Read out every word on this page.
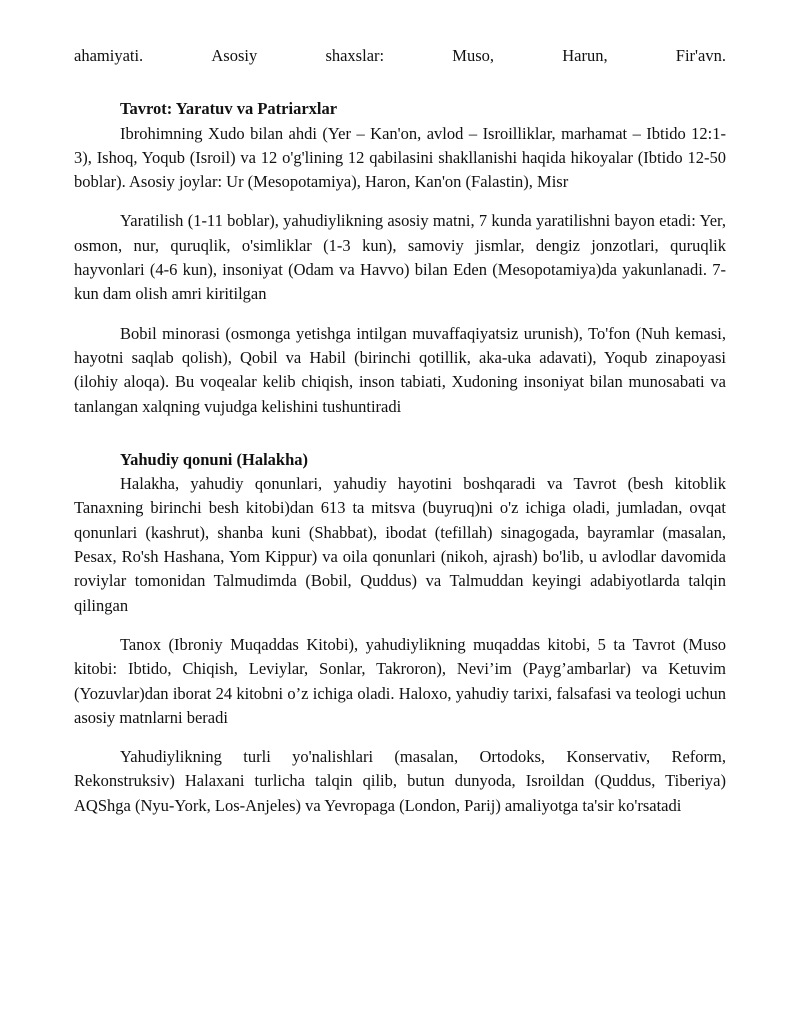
ahamiyati.	Asosiy	shaxslar:	Muso,	Harun,	Fir'avn.

Tavrot: Yaratuv va Patriarxlar

Ibrohimning Xudo bilan ahdi (Yer – Kan'on, avlod – Isroilliklar, marhamat – Ibtido 12:1-3), Ishoq, Yoqub (Isroil) va 12 o'g'lining 12 qabilasini shakllanishi haqida hikoyalar (Ibtido 12-50 boblar). Asosiy joylar: Ur (Mesopotamiya), Haron, Kan'on (Falastin), Misr

Yaratilish (1-11 boblar), yahudiylikning asosiy matni, 7 kunda yaratilishni bayon etadi: Yer, osmon, nur, quruqlik, o'simliklar (1-3 kun), samoviy jismlar, dengiz jonzotlari, quruqlik hayvonlari (4-6 kun), insoniyat (Odam va Havvo) bilan Eden (Mesopotamiya)da yakunlanadi. 7-kun dam olish amri kiritilgan

Bobil minorasi (osmonga yetishga intilgan muvaffaqiyatsiz urunish), To'fon (Nuh kemasi, hayotni saqlab qolish), Qobil va Habil (birinchi qotillik, aka-uka adavati), Yoqub zinapoyasi (ilohiy aloqa). Bu voqealar kelib chiqish, inson tabiati, Xudoning insoniyat bilan munosabati va tanlangan xalqning vujudga kelishini tushuntiradi

Yahudiy qonuni (Halakha)

Halakha, yahudiy qonunlari, yahudiy hayotini boshqaradi va Tavrot (besh kitoblik Tanaxning birinchi besh kitobi)dan 613 ta mitsva (buyruq)ni o'z ichiga oladi, jumladan, ovqat qonunlari (kashrut), shanba kuni (Shabbat), ibodat (tefillah) sinagogada, bayramlar (masalan, Pesax, Ro'sh Hashana, Yom Kippur) va oila qonunlari (nikoh, ajrash) bo'lib, u avlodlar davomida roviylar tomonidan Talmudimda (Bobil, Quddus) va Talmuddan keyingi adabiyotlarda talqin qilingan

Tanox (Ibroniy Muqaddas Kitobi), yahudiylikning muqaddas kitobi, 5 ta Tavrot (Muso kitobi: Ibtido, Chiqish, Leviylar, Sonlar, Takroron), Nevi’im (Payg’ambarlar) va Ketuvim (Yozuvlar)dan iborat 24 kitobni o’z ichiga oladi. Haloxo, yahudiy tarixi, falsafasi va teologi uchun asosiy matnlarni beradi

Yahudiylikning turli yo'nalishlari (masalan, Ortodoks, Konservativ, Reform, Rekonstruksiv) Halaxani turlicha talqin qilib, butun dunyoda, Isroildan (Quddus, Tiberiya) AQShga (Nyu-York, Los-Anjeles) va Yevropaga (London, Parij) amaliyotga ta'sir ko'rsatadi
